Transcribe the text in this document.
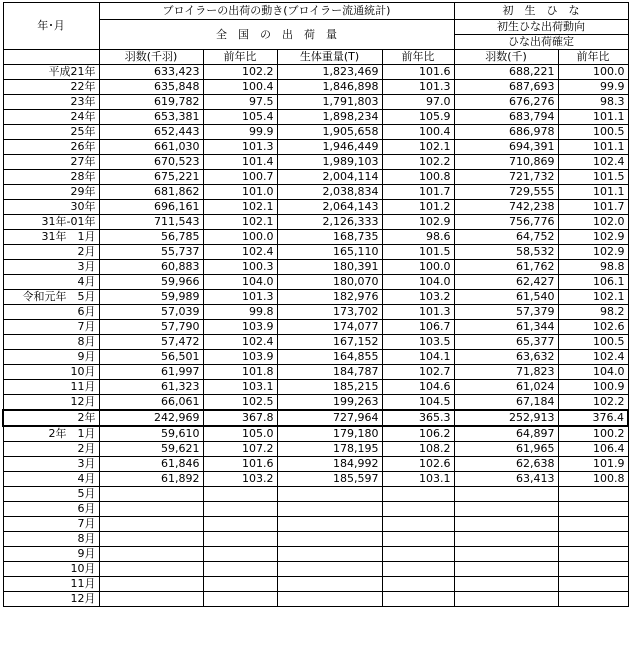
年･月	ブロイラーの出荷の動き(ブロイラー流通統計)				初　生　ひ　な	
	全　国　の　出　荷　量				初生ひな出荷動向	
					ひな出荷確定	
	羽数(千羽)	前年比	生体重量(T)	前年比	羽数(千)	前年比
平成21年	633,423	102.2	1,823,469	101.6	688,221	100.0
22年	635,848	100.4	1,846,898	101.3	687,693	99.9
23年	619,782	97.5	1,791,803	97.0	676,276	98.3
24年	653,381	105.4	1,898,234	105.9	683,794	101.1
25年	652,443	99.9	1,905,658	100.4	686,978	100.5
26年	661,030	101.3	1,946,449	102.1	694,391	101.1
27年	670,523	101.4	1,989,103	102.2	710,869	102.4
28年	675,221	100.7	2,004,114	100.8	721,732	101.5
29年	681,862	101.0	2,038,834	101.7	729,555	101.1
30年	696,161	102.1	2,064,143	101.2	742,238	101.7
31年-01年	711,543	102.1	2,126,333	102.9	756,776	102.0
31年　1月	56,785	100.0	168,735	98.6	64,752	102.9
2月	55,737	102.4	165,110	101.5	58,532	102.9
3月	60,883	100.3	180,391	100.0	61,762	98.8
4月	59,966	104.0	180,070	104.0	62,427	106.1
令和元年　5月	59,989	101.3	182,976	103.2	61,540	102.1
6月	57,039	99.8	173,702	101.3	57,379	98.2
7月	57,790	103.9	174,077	106.7	61,344	102.6
8月	57,472	102.4	167,152	103.5	65,377	100.5
9月	56,501	103.9	164,855	104.1	63,632	102.4
10月	61,997	101.8	184,787	102.7	71,823	104.0
11月	61,323	103.1	185,215	104.6	61,024	100.9
12月	66,061	102.5	199,263	104.5	67,184	102.2
2年	242,969	367.8	727,964	365.3	252,913	376.4
2年　1月	59,610	105.0	179,180	106.2	64,897	100.2
2月	59,621	107.2	178,195	108.2	61,965	106.4
3月	61,846	101.6	184,992	102.6	62,638	101.9
4月	61,892	103.2	185,597	103.1	63,413	100.8
5月						
6月						
7月						
8月						
9月						
10月						
11月						
12月						
